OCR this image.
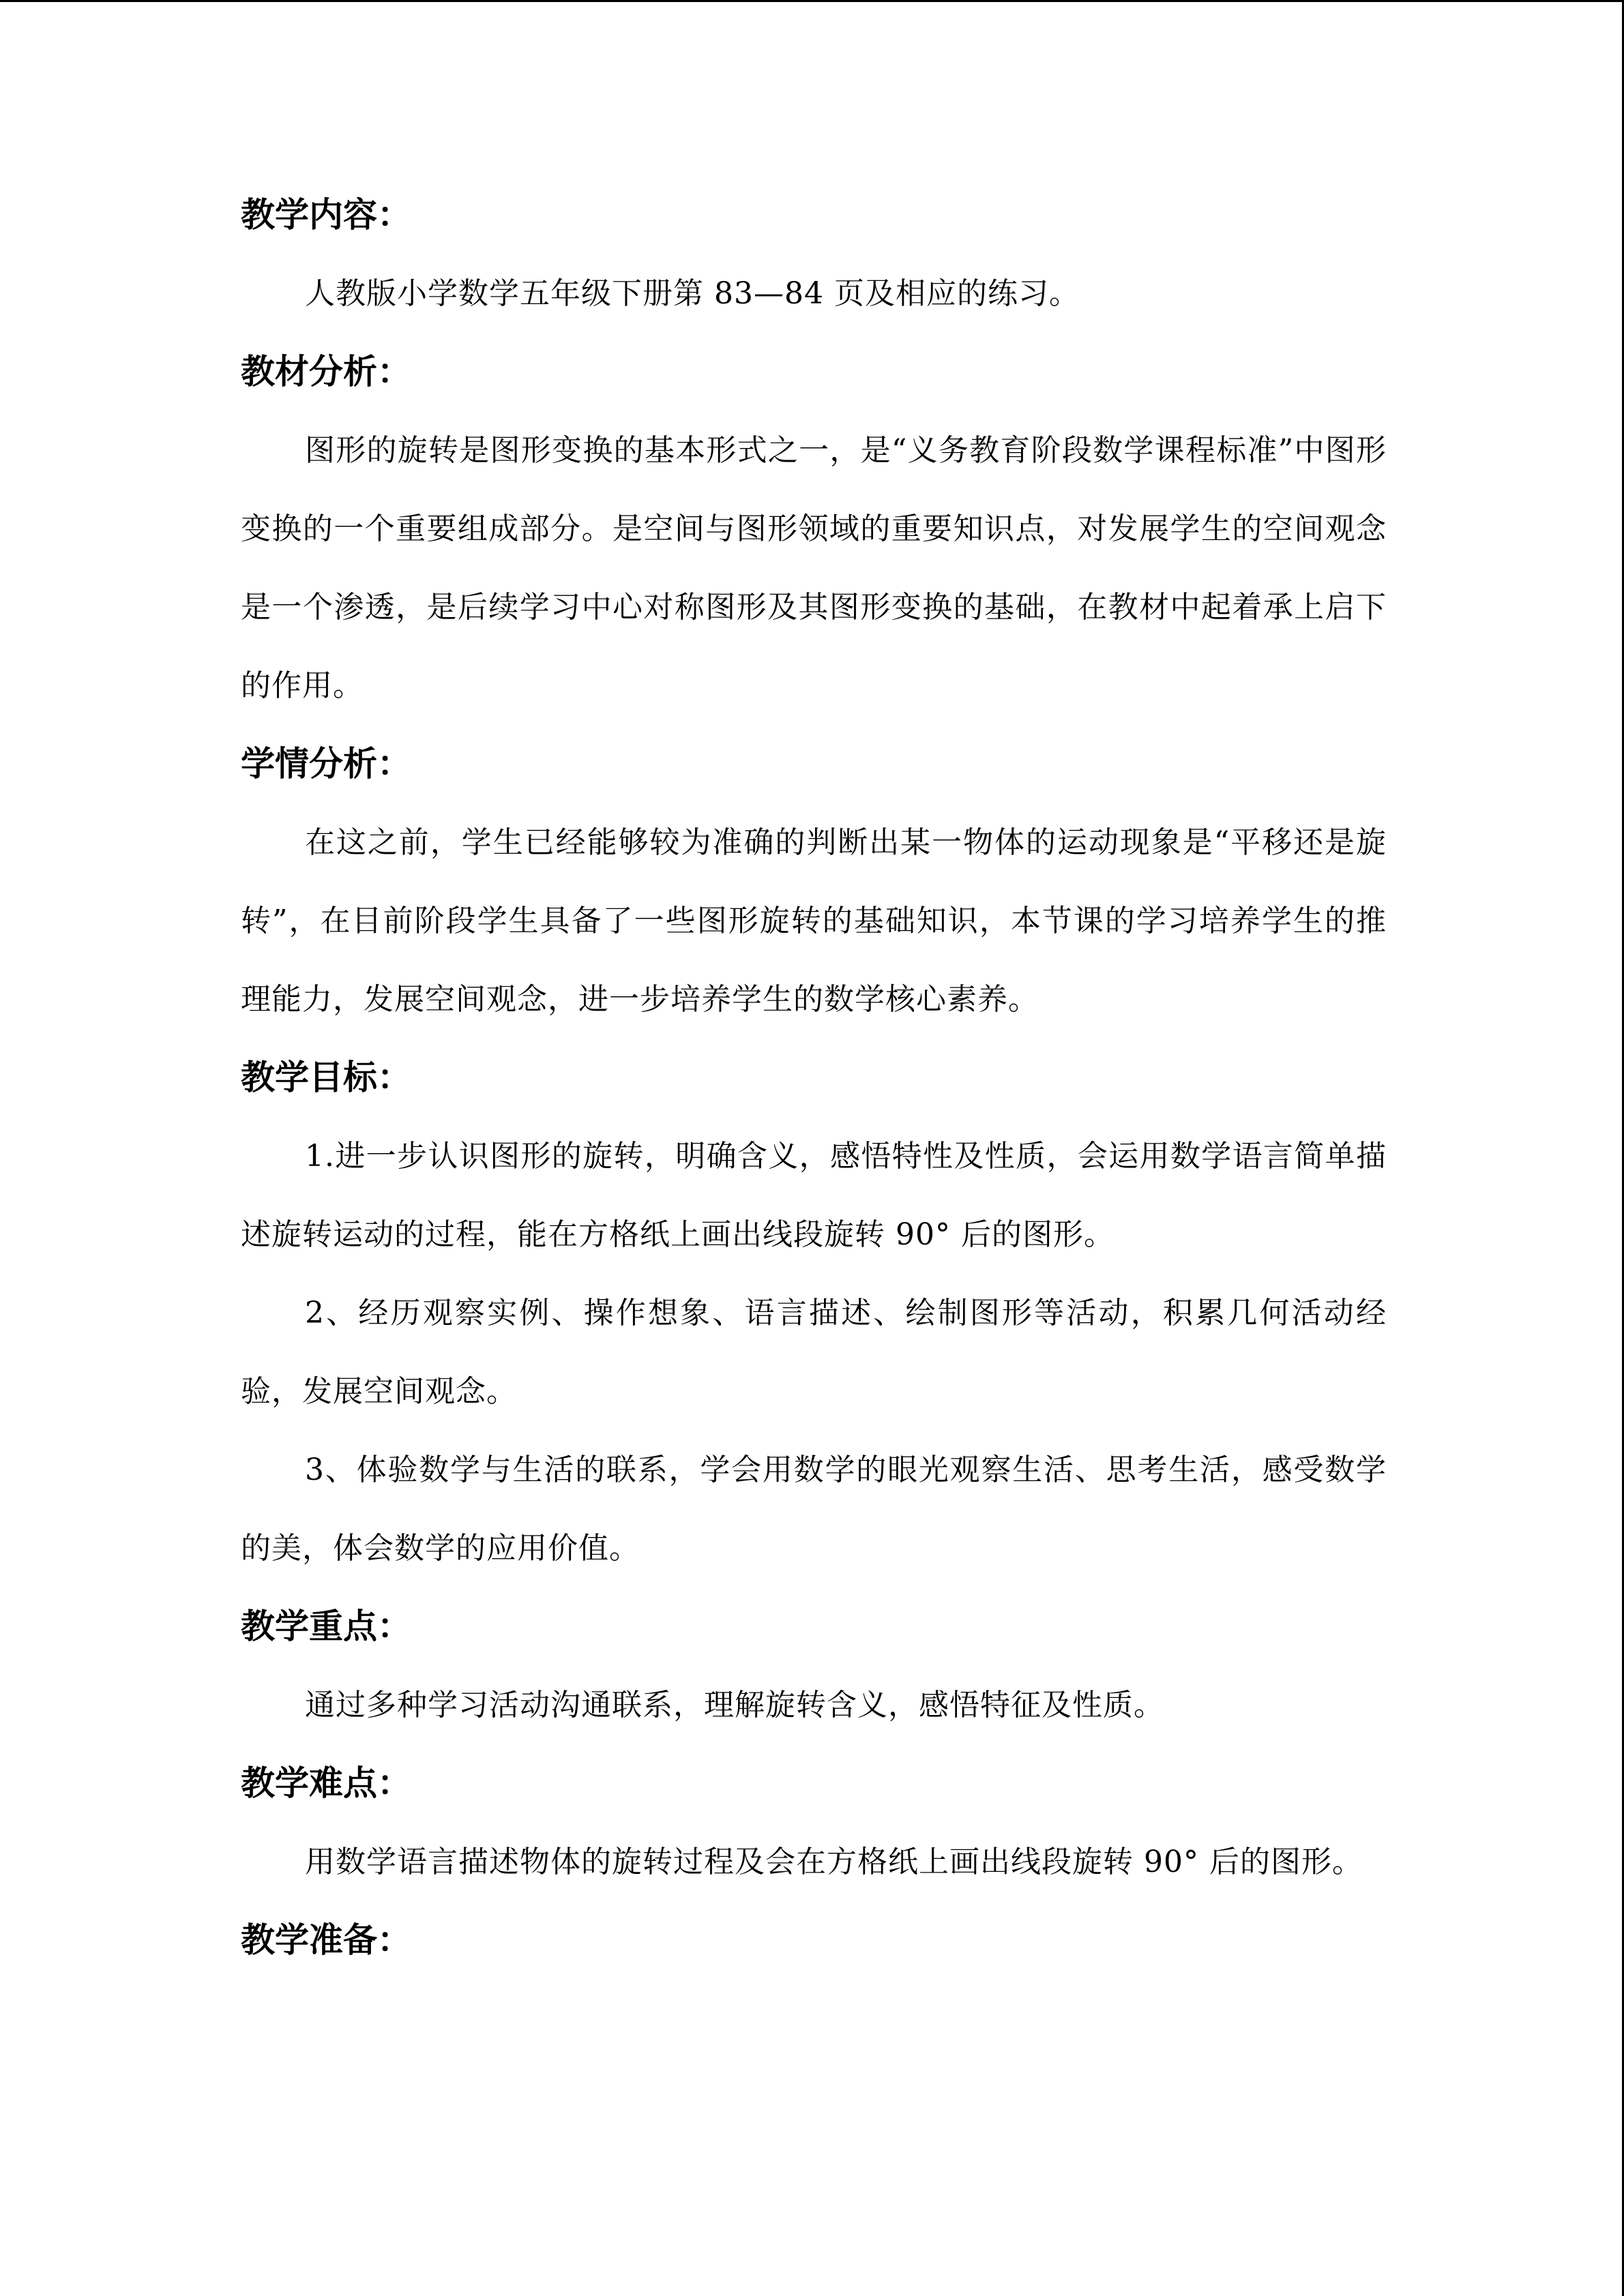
教学内容：

人教版小学数学五年级下册第 83—84 页及相应的练习。

教材分析：

图形的旋转是图形变换的基本形式之一，是“义务教育阶段数学课程标准”中图形变换的一个重要组成部分。是空间与图形领域的重要知识点，对发展学生的空间观念是一个渗透，是后续学习中心对称图形及其图形变换的基础，在教材中起着承上启下的作用。

学情分析：

在这之前，学生已经能够较为准确的判断出某一物体的运动现象是“平移还是旋转”，在目前阶段学生具备了一些图形旋转的基础知识，本节课的学习培养学生的推理能力，发展空间观念，进一步培养学生的数学核心素养。

教学目标：

1.进一步认识图形的旋转，明确含义，感悟特性及性质，会运用数学语言简单描述旋转运动的过程，能在方格纸上画出线段旋转 90° 后的图形。

2、经历观察实例、操作想象、语言描述、绘制图形等活动，积累几何活动经验，发展空间观念。

3、体验数学与生活的联系，学会用数学的眼光观察生活、思考生活，感受数学的美，体会数学的应用价值。

教学重点：

通过多种学习活动沟通联系，理解旋转含义，感悟特征及性质。

教学难点：

用数学语言描述物体的旋转过程及会在方格纸上画出线段旋转 90° 后的图形。

教学准备：
